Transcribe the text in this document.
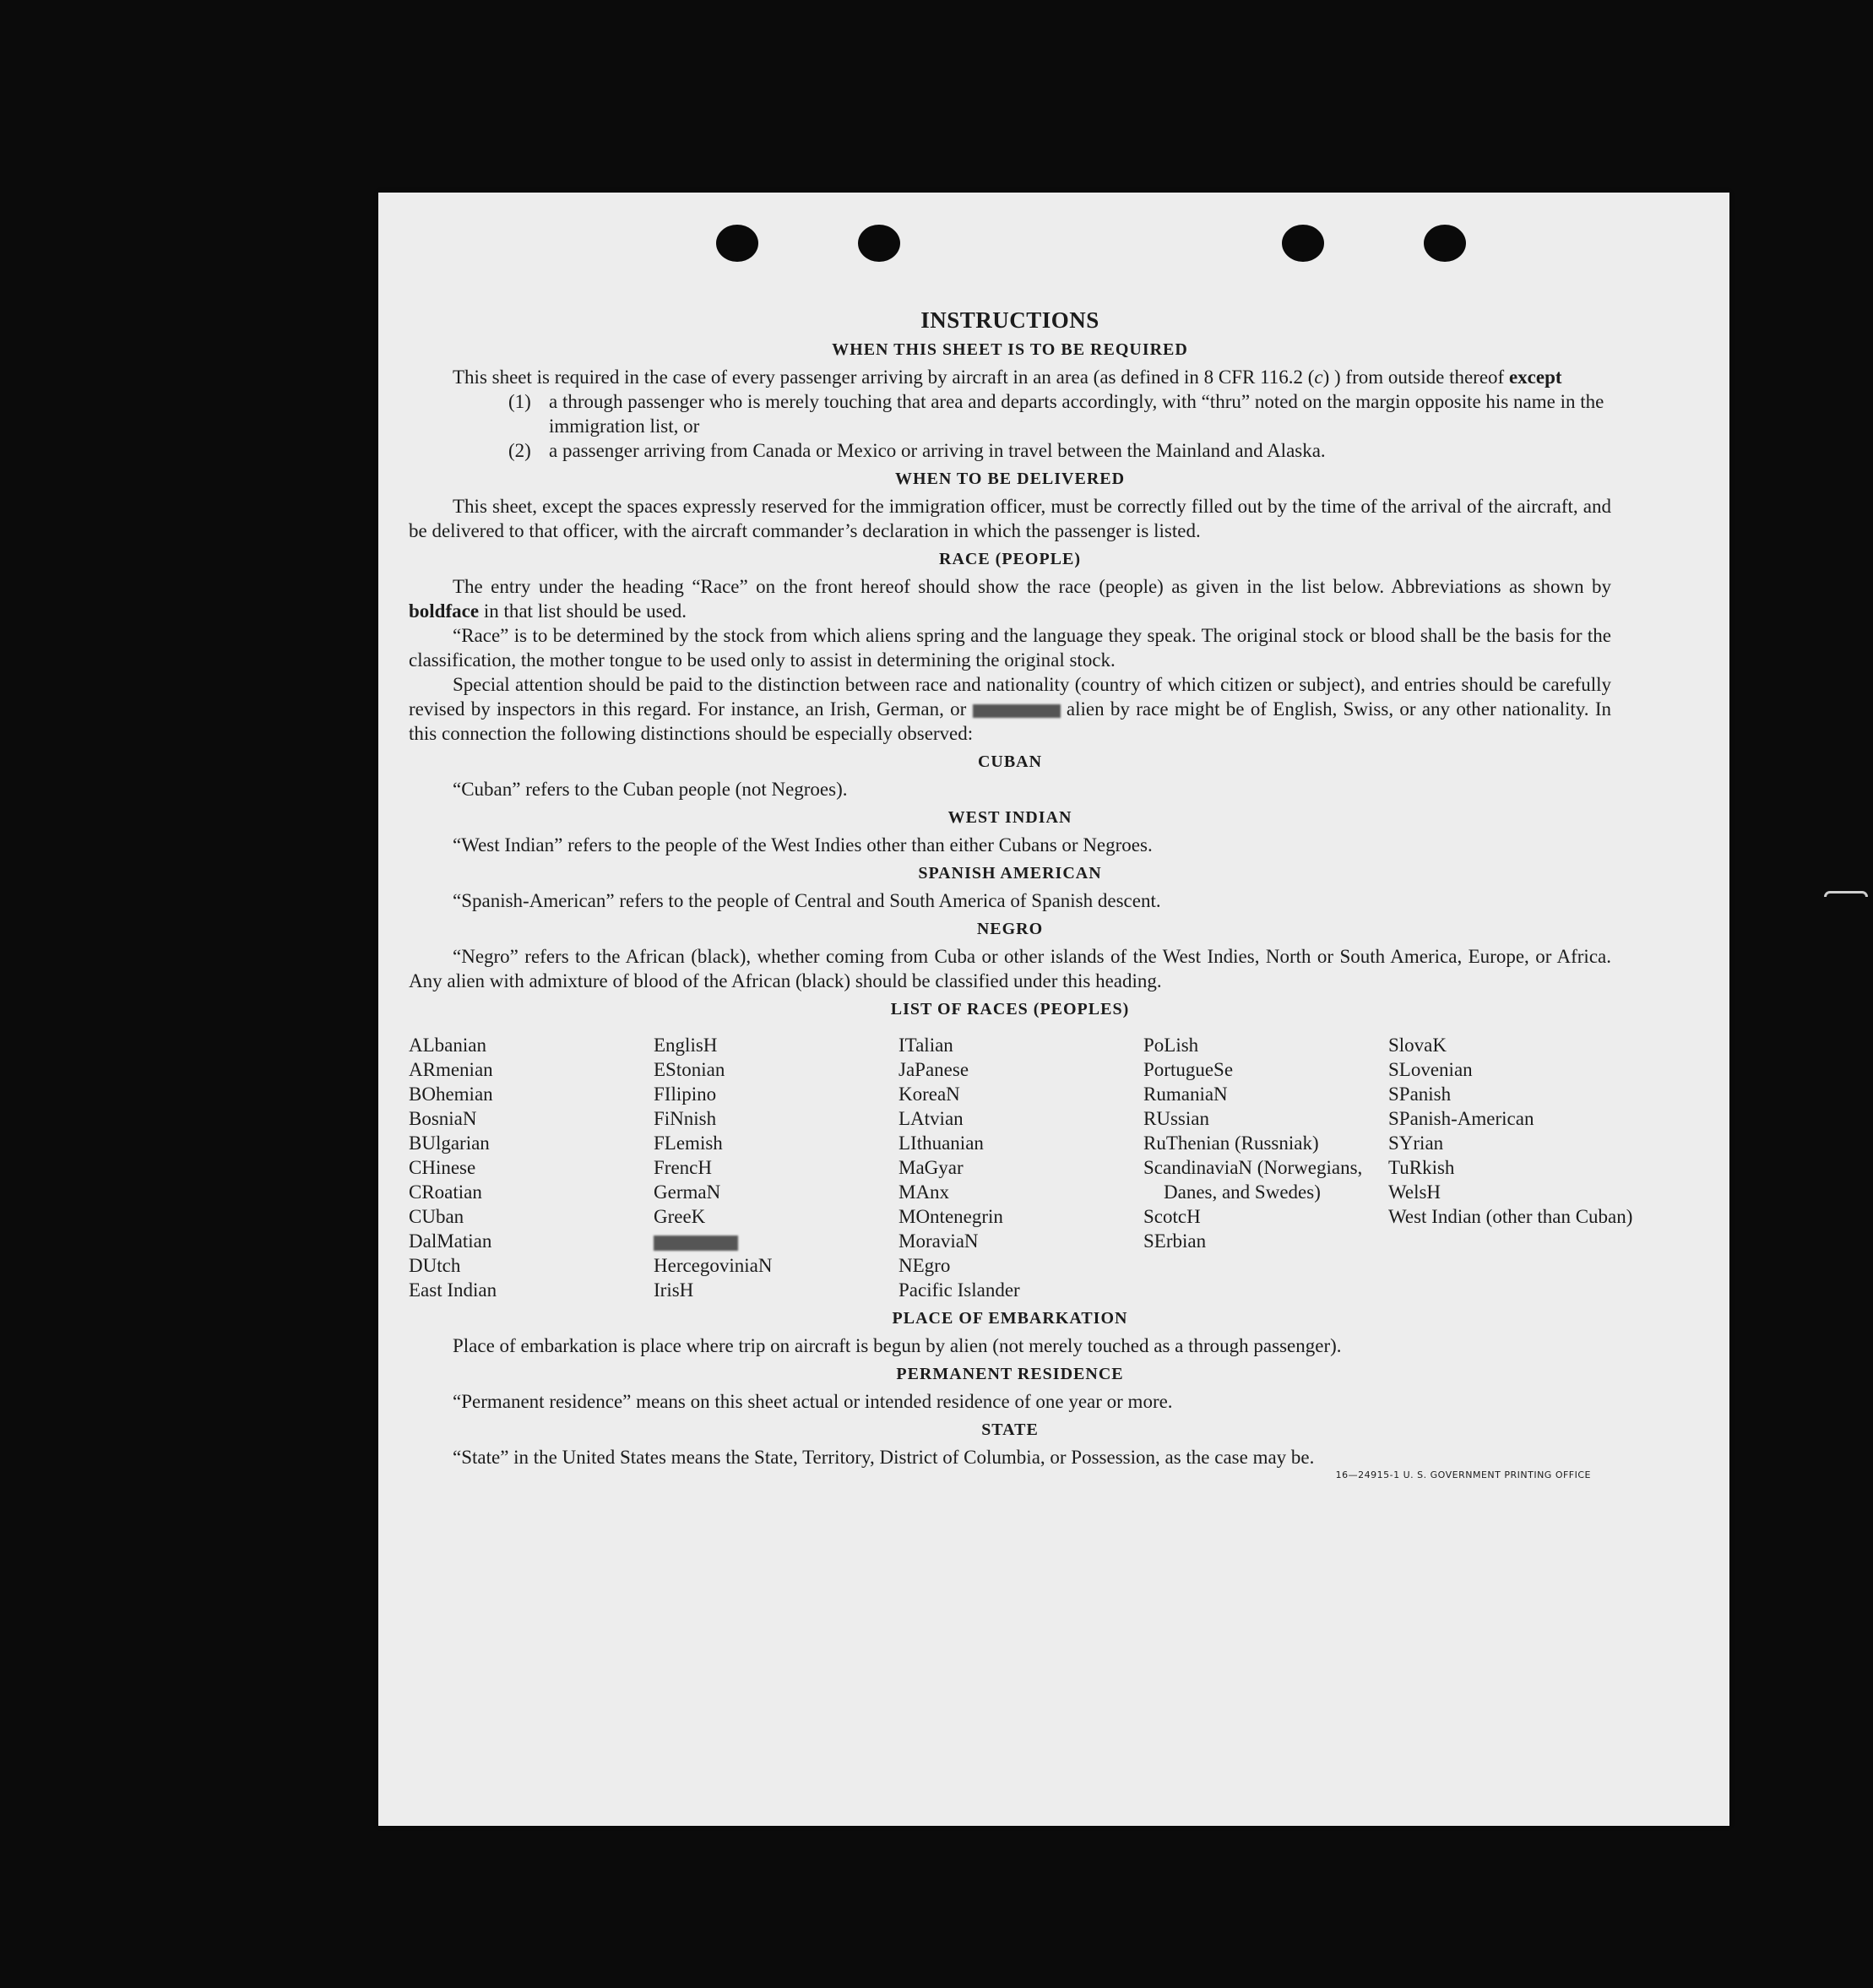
INSTRUCTIONS
WHEN THIS SHEET IS TO BE REQUIRED

This sheet is required in the case of every passenger arriving by aircraft in an area (as defined in 8 CFR 116.2 (c) ) from outside thereof except

(1) a through passenger who is merely touching that area and departs accordingly, with “thru” noted on the margin opposite his name in the immigration list, or
(2) a passenger arriving from Canada or Mexico or arriving in travel between the Mainland and Alaska.
WHEN TO BE DELIVERED

This sheet, except the spaces expressly reserved for the immigration officer, must be correctly filled out by the time of the arrival of the aircraft, and be delivered to that officer, with the aircraft commander’s declaration in which the passenger is listed.

RACE (PEOPLE)

The entry under the heading “Race” on the front hereof should show the race (people) as given in the list below. Abbreviations as shown by boldface in that list should be used.

“Race” is to be determined by the stock from which aliens spring and the language they speak. The original stock or blood shall be the basis for the classification, the mother tongue to be used only to assist in determining the original stock.

Special attention should be paid to the distinction between race and nationality (country of which citizen or subject), and entries should be carefully revised by inspectors in this regard. For instance, an Irish, German, or	alien by race might be of English, Swiss, or any other nationality. In this connection the following distinctions should be especially observed:

CUBAN

“Cuban” refers to the Cuban people (not Negroes).

WEST INDIAN

“West Indian” refers to the people of the West Indies other than either Cubans or Negroes.

SPANISH AMERICAN

“Spanish-American” refers to the people of Central and South America of Spanish descent.

NEGRO

“Negro” refers to the African (black), whether coming from Cuba or other islands of the West Indies, North or South America, Europe, or Africa. Any alien with admixture of blood of the African (black) should be classified under this heading.

LIST OF RACES (PEOPLES)
ALbanian
ARmenian
BOhemian
BosniaN
BUlgarian
CHinese
CRoatian
CUban
DalMatian
DUtch
East Indian
EnglisH
EStonian
FIlipino
FiNnish
FLemish
FrencH
GermaN
GreeK
HercegoviniaN
IrisH
ITalian
JaPanese
KoreaN
LAtvian
LIthuanian
MaGyar
MAnx
MOntenegrin
MoraviaN
NEgro
Pacific Islander
PoLish
PortugueSe
RumaniaN
RUssian
RuThenian (Russniak)
ScandinaviaN (Norwegians, Danes, and Swedes)
ScotcH
SErbian
SlovaK
SLovenian
SPanish
SPanish-American
SYrian
TuRkish
WelsH
West Indian (other than Cuban)
PLACE OF EMBARKATION

Place of embarkation is place where trip on aircraft is begun by alien (not merely touched as a through passenger).

PERMANENT RESIDENCE

“Permanent residence” means on this sheet actual or intended residence of one year or more.

STATE

“State” in the United States means the State, Territory, District of Columbia, or Possession, as the case may be.

16—24915-1 U. S. GOVERNMENT PRINTING OFFICE
